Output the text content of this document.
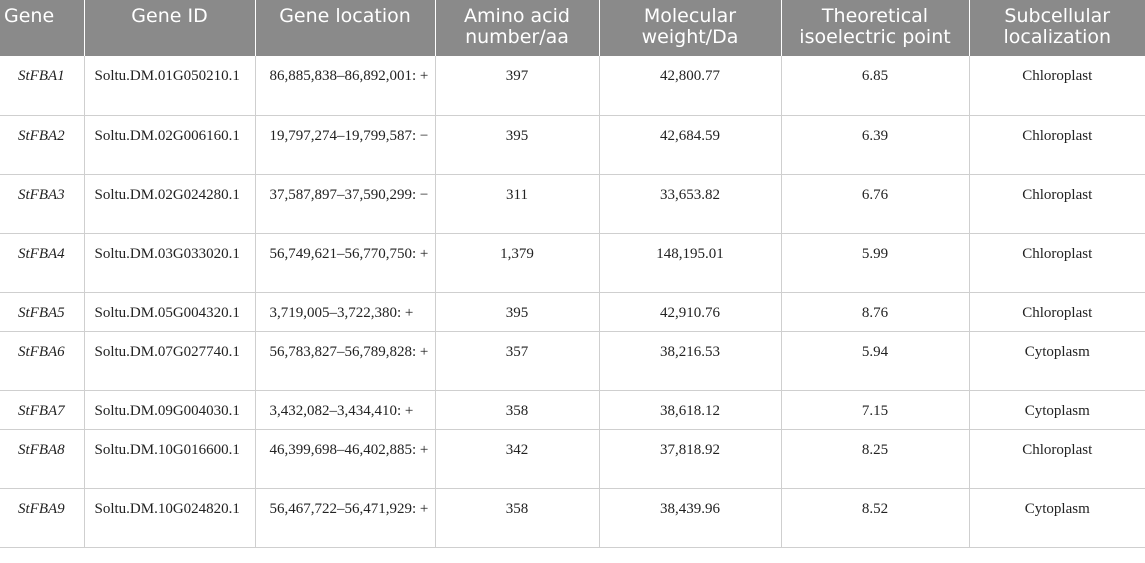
Gene	Gene ID	Gene location	Amino acid number/aa	Molecular weight/Da	Theoretical isoelectric point	Subcellular localization
StFBA1	Soltu.DM.01G050210.1	86,885,838–86,892,001: +	397	42,800.77	6.85	Chloroplast
StFBA2	Soltu.DM.02G006160.1	19,797,274–19,799,587: −	395	42,684.59	6.39	Chloroplast
StFBA3	Soltu.DM.02G024280.1	37,587,897–37,590,299: −	311	33,653.82	6.76	Chloroplast
StFBA4	Soltu.DM.03G033020.1	56,749,621–56,770,750: +	1,379	148,195.01	5.99	Chloroplast
StFBA5	Soltu.DM.05G004320.1	3,719,005–3,722,380: +	395	42,910.76	8.76	Chloroplast
StFBA6	Soltu.DM.07G027740.1	56,783,827–56,789,828: +	357	38,216.53	5.94	Cytoplasm
StFBA7	Soltu.DM.09G004030.1	3,432,082–3,434,410: +	358	38,618.12	7.15	Cytoplasm
StFBA8	Soltu.DM.10G016600.1	46,399,698–46,402,885: +	342	37,818.92	8.25	Chloroplast
StFBA9	Soltu.DM.10G024820.1	56,467,722–56,471,929: +	358	38,439.96	8.52	Cytoplasm
